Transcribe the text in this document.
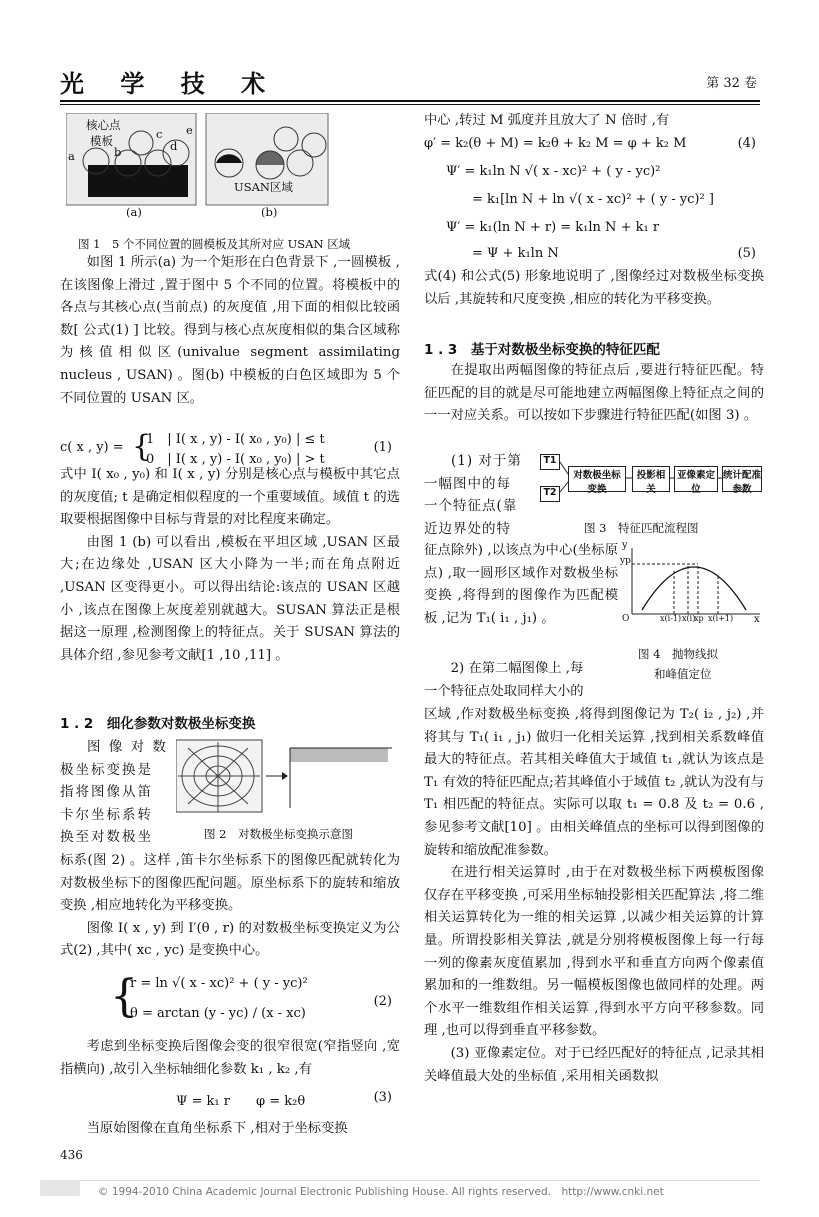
光 学 技 术	第 32 卷
核心点
模板
USAN区域
(a)	(b)
a	b
c
d
e
图 1　5 个不同位置的圆模板及其所对应 USAN 区域

如图 1 所示(a) 为一个矩形在白色背景下 ,一圆模板 ,在该图像上滑过 ,置于图中 5 个不同的位置。将模板中的各点与其核心点(当前点) 的灰度值 ,用下面的相似比较函数[ 公式(1) ] 比较。得到与核心点灰度相似的集合区域称为核值相似区(univalue segment assimilating nucleus , USAN) 。图(b) 中模板的白色区域即为 5 个不同位置的 USAN 区。

c( x , y) = {
1　| I( x , y) - I( x₀ , y₀) | ≤ t
0　| I( x , y) - I( x₀ , y₀) | > t
(1)

式中 I( x₀ , y₀) 和 I( x , y) 分别是核心点与模板中其它点的灰度值; t 是确定相似程度的一个重要域值。域值 t 的选取要根据图像中目标与背景的对比程度来确定。

由图 1 (b) 可以看出 ,模板在平坦区域 ,USAN 区最大;在边缘处 ,USAN 区大小降为一半;而在角点附近 ,USAN 区变得更小。可以得出结论:该点的 USAN 区越小 ,该点在图像上灰度差别就越大。SUSAN 算法正是根据这一原理 ,检测图像上的特征点。关于 SUSAN 算法的具体介绍 ,参见参考文献[1 ,10 ,11] 。

1 . 2　细化参数对数极坐标变换

图 像 对 数

极坐标变换是

指将图像从笛

卡尔坐标系转

换至对数极坐	图 2　对数极坐标变换示意图

标系(图 2) 。这样 ,笛卡尔坐标系下的图像匹配就转化为对数极坐标下的图像匹配问题。原坐标系下的旋转和缩放变换 ,相应地转化为平移变换。

图像 I( x , y) 到 I′(θ , r) 的对数极坐标变换定义为公式(2) ,其中( xc , yc) 是变换中心。

{
r = ln √( x - xc)² + ( y - yc)²
θ = arctan (y - yc) / (x - xc)
(2)

考虑到坐标变换后图像会变的很窄很宽(窄指竖向 ,宽指横向) ,故引入坐标轴细化参数 k₁ , k₂ ,有

Ψ = k₁ r　　φ = k₂θ	(3)

当原始图像在直角坐标系下 ,相对于坐标变换

436

中心 ,转过 M 弧度并且放大了 N 倍时 ,有

φ′ = k₂(θ + M) = k₂θ + k₂ M = φ + k₂ M	(4)
Ψ′ = k₁ln N √( x - xc)² + ( y - yc)²
= k₁[ln N + ln √( x - xc)² + ( y - yc)² ]
Ψ′ = k₁(ln N + r) = k₁ln N + k₁ r
= Ψ + k₁ln N	(5)

式(4) 和公式(5) 形象地说明了 ,图像经过对数极坐标变换以后 ,其旋转和尺度变换 ,相应的转化为平移变换。

1 . 3　基于对数极坐标变换的特征匹配

在提取出两幅图像的特征点后 ,要进行特征匹配。特征匹配的目的就是尽可能地建立两幅图像上特征点之间的一一对应关系。可以按如下步骤进行特征匹配(如图 3) 。

(1) 对于第

一幅图中的每

一个特征点(靠

近边界处的特

T1
T2
对数极坐标变换
投影相关
亚像素定位
统计配准参数
图 3　特征匹配流程图

征点除外) ,以该点为中心(坐标原点) ,取一圆形区域作对数极坐标变换 ,将得到的图像作为匹配模板 ,记为 T₁( i₁ , j₁) 。

y
yp
O	x
x(i-1) x(i)
xp x(i+1)
图 4　抛物线拟
和峰值定位

2) 在第二幅图像上 ,每

一个特征点处取同样大小的

区域 ,作对数极坐标变换 ,将得到图像记为 T₂( i₂ , j₂) ,并将其与 T₁( i₁ , j₁) 做归一化相关运算 ,找到相关系数峰值最大的特征点。若其相关峰值大于域值 t₁ ,就认为该点是 T₁ 有效的特征匹配点;若其峰值小于域值 t₂ ,就认为没有与 T₁ 相匹配的特征点。实际可以取 t₁ = 0.8 及 t₂ = 0.6 ,参见参考文献[10] 。由相关峰值点的坐标可以得到图像的旋转和缩放配准参数。

在进行相关运算时 ,由于在对数极坐标下两模板图像仅存在平移变换 ,可采用坐标轴投影相关匹配算法 ,将二维相关运算转化为一维的相关运算 ,以减少相关运算的计算量。所谓投影相关算法 ,就是分别将模板图像上每一行每一列的像素灰度值累加 ,得到水平和垂直方向两个像素值累加和的一维数组。另一幅模板图像也做同样的处理。两个水平一维数组作相关运算 ,得到水平方向平移参数。同理 ,也可以得到垂直平移参数。

(3) 亚像素定位。对于已经匹配好的特征点 ,记录其相关峰值最大处的坐标值 ,采用相关函数拟

© 1994-2010 China Academic Journal Electronic Publishing House. All rights reserved.　http://www.cnki.net
